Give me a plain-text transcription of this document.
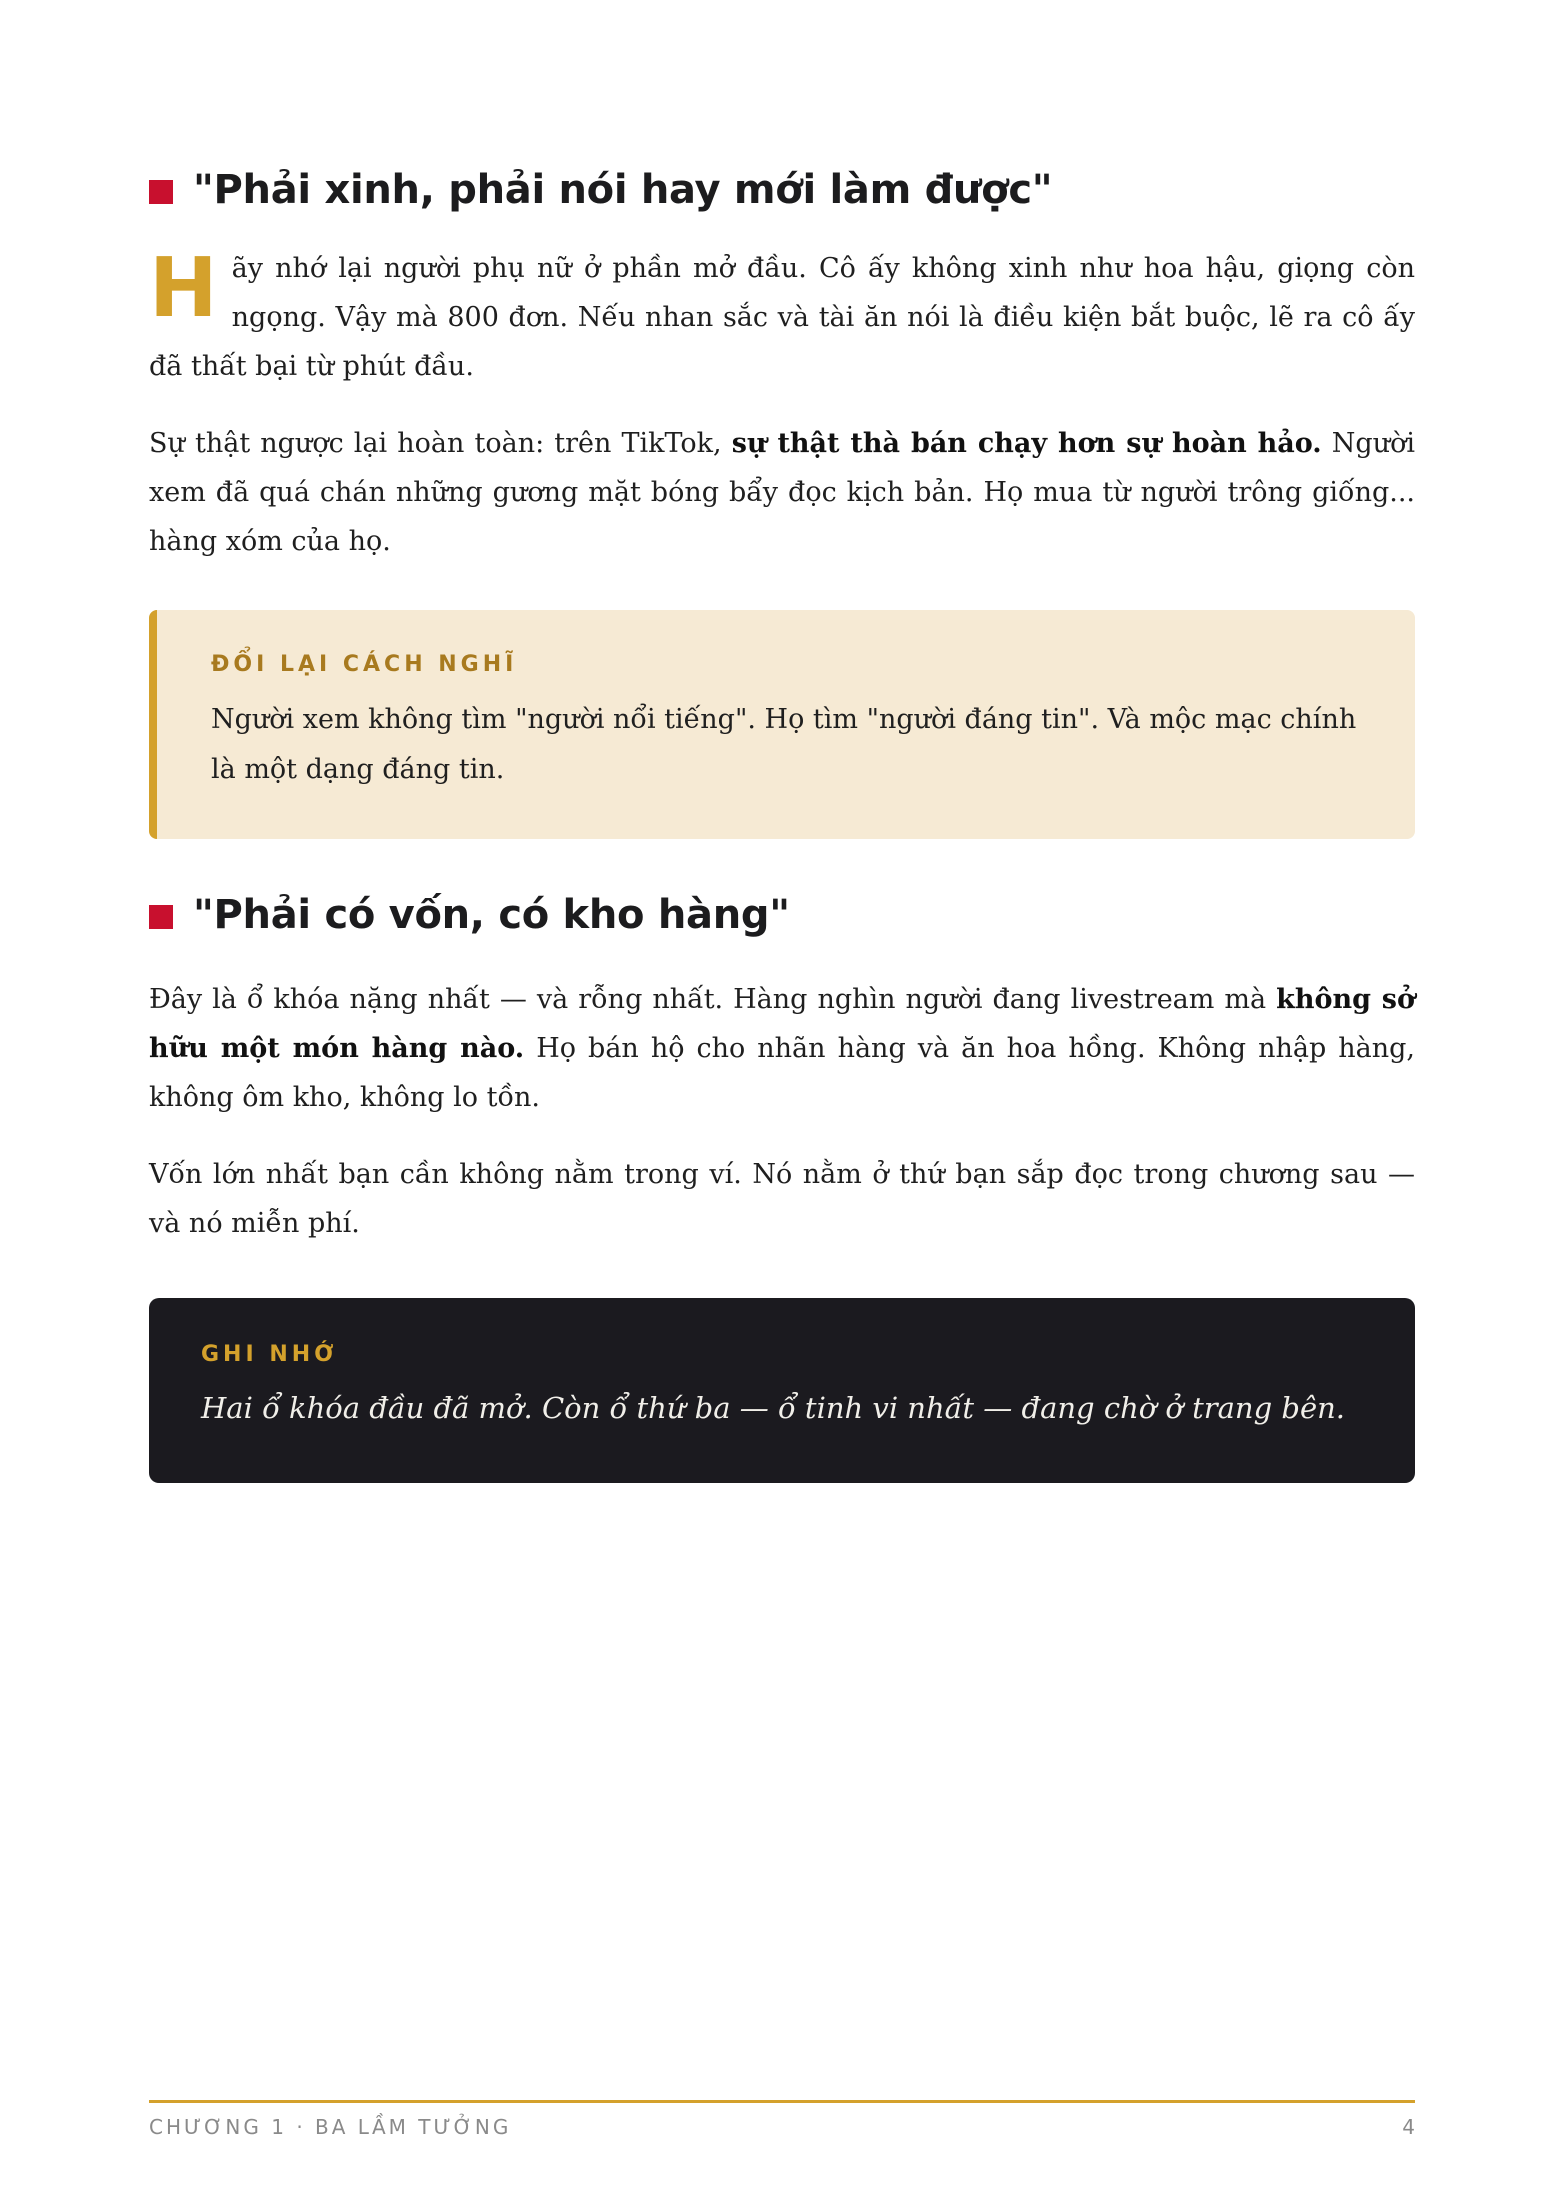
"Phải xinh, phải nói hay mới làm được"

Hãy nhớ lại người phụ nữ ở phần mở đầu. Cô ấy không xinh như hoa hậu, giọng còn ngọng. Vậy mà 800 đơn. Nếu nhan sắc và tài ăn nói là điều kiện bắt buộc, lẽ ra cô ấy đã thất bại từ phút đầu.

Sự thật ngược lại hoàn toàn: trên TikTok, sự thật thà bán chạy hơn sự hoàn hảo. Người xem đã quá chán những gương mặt bóng bẩy đọc kịch bản. Họ mua từ người trông giống... hàng xóm của họ.

ĐỔI LẠI CÁCH NGHĨ

Người xem không tìm "người nổi tiếng". Họ tìm "người đáng tin". Và mộc mạc chính là một dạng đáng tin.

"Phải có vốn, có kho hàng"

Đây là ổ khóa nặng nhất — và rỗng nhất. Hàng nghìn người đang livestream mà không sở hữu một món hàng nào. Họ bán hộ cho nhãn hàng và ăn hoa hồng. Không nhập hàng, không ôm kho, không lo tồn.

Vốn lớn nhất bạn cần không nằm trong ví. Nó nằm ở thứ bạn sắp đọc trong chương sau — và nó miễn phí.

GHI NHỚ

Hai ổ khóa đầu đã mở. Còn ổ thứ ba — ổ tinh vi nhất — đang chờ ở trang bên.

CHƯƠNG 1 · BA LẦM TƯỞNG	4
